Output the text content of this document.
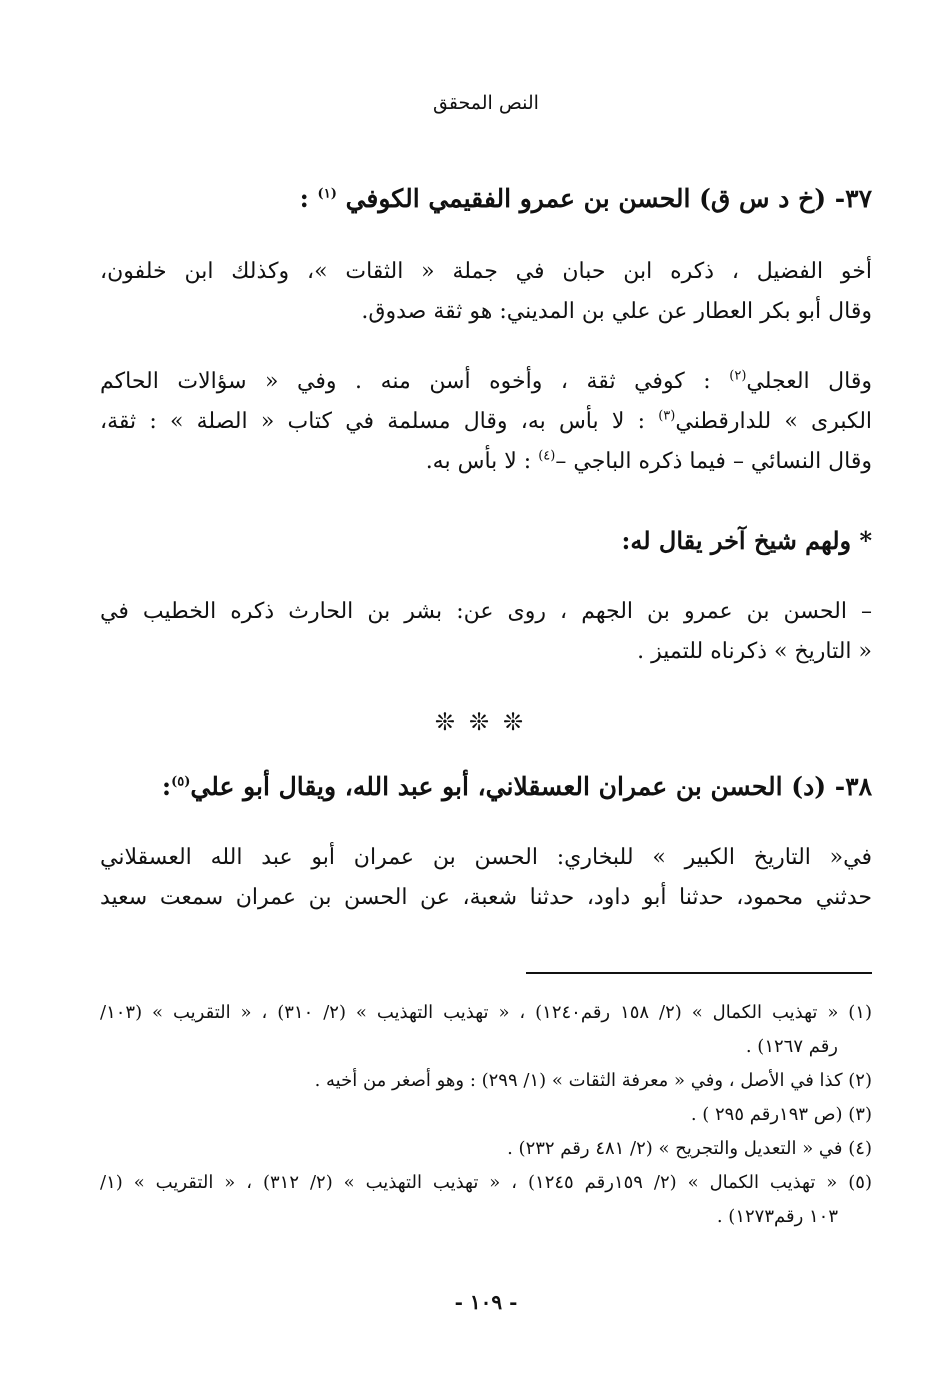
النص المحقق
٣٧- (خ د س ق) الحسن بن عمرو الفقيمي الكوفي $^{(١)}$ :
أخو الفضيل ، ذكره ابن حبان في جملة « الثقات »، وكذلك ابن خلفون،
وقال أبو بكر العطار عن علي بن المديني: هو ثقة صدوق.
وقال العجلي$^{(٢)}$ : كوفي ثقة ، وأخوه أسن منه . وفي « سؤالات الحاكم
الكبرى » للدارقطني$^{(٣)}$ : لا بأس به، وقال مسلمة في كتاب « الصلة » : ثقة،
وقال النسائي – فيما ذكره الباجي –$^{(٤)}$ : لا بأس به.
* ولهم شيخ آخر يقال له:
– الحسن بن عمرو بن الجهم ، روى عن: بشر بن الحارث ذكره الخطيب في
« التاريخ » ذكرناه للتميز .
❊❊❊
٣٨- (د) الحسن بن عمران العسقلاني، أبو عبد الله، ويقال أبو علي$^{(٥)}$:
في« التاريخ الكبير » للبخاري: الحسن بن عمران أبو عبد الله العسقلاني
حدثني محمود، حدثنا أبو داود، حدثنا شعبة، عن الحسن بن عمران سمعت سعيد
(١) « تهذيب الكمال » (٢/ ١٥٨ رقم١٢٤٠) ، « تهذيب التهذيب » (٢/ ٣١٠) ، « التقريب » (١٠٣/
رقم ١٢٦٧) .
(٢) كذا في الأصل ، وفي « معرفة الثقات » (١/ ٢٩٩) : وهو أصغر من أخيه .
(٣) (ص ١٩٣رقم ٢٩٥ ) .
(٤) في « التعديل والتجريح » (٢/ ٤٨١ رقم ٢٣٢) .
(٥) « تهذيب الكمال » (٢/ ١٥٩رقم ١٢٤٥) ، « تهذيب التهذيب » (٢/ ٣١٢) ، « التقريب » (١/
١٠٣ رقم١٢٧٣) .
- ١٠٩ -
